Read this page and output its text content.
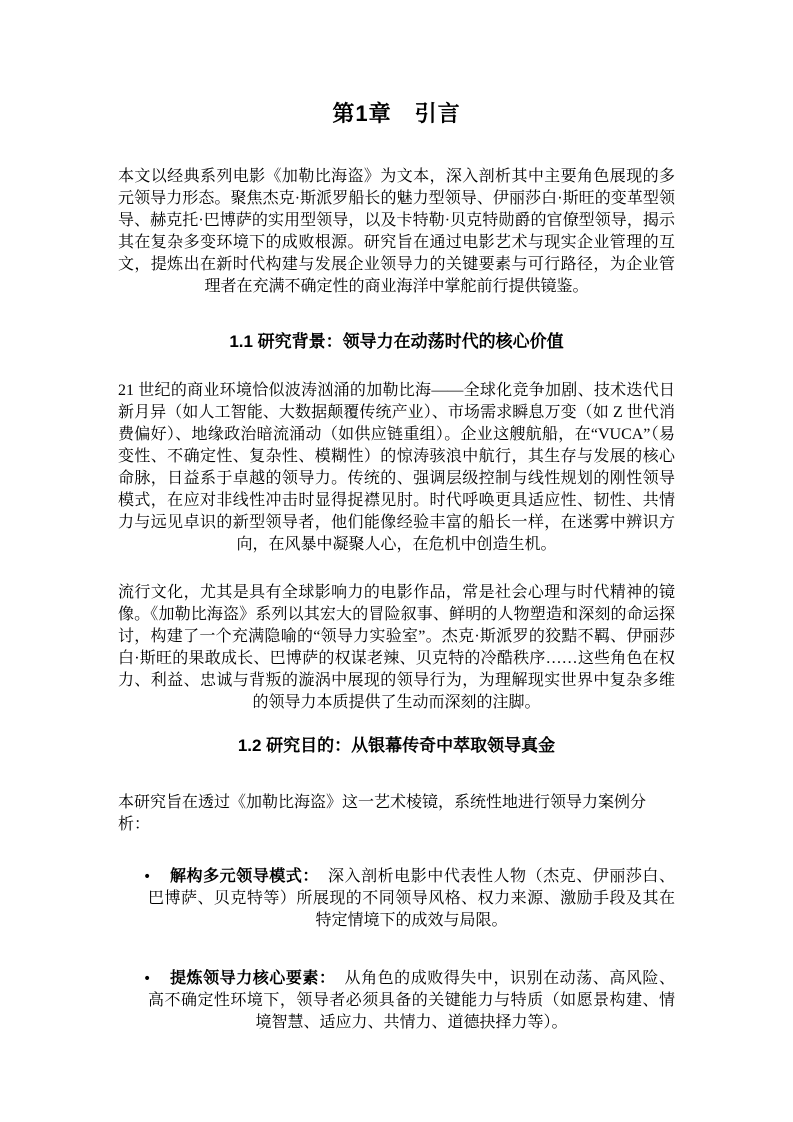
第1章　引言

本文以经典系列电影《加勒比海盗》为文本，深入剖析其中主要角色展现的多元领导力形态。聚焦杰克·斯派罗船长的魅力型领导、伊丽莎白·斯旺的变革型领导、赫克托·巴博萨的实用型领导，以及卡特勒·贝克特勋爵的官僚型领导，揭示其在复杂多变环境下的成败根源。研究旨在通过电影艺术与现实企业管理的互文，提炼出在新时代构建与发展企业领导力的关键要素与可行路径，为企业管理者在充满不确定性的商业海洋中掌舵前行提供镜鉴。

1.1 研究背景：领导力在动荡时代的核心价值

21 世纪的商业环境恰似波涛汹涌的加勒比海——全球化竞争加剧、技术迭代日新月异（如人工智能、大数据颠覆传统产业）、市场需求瞬息万变（如 Z 世代消费偏好）、地缘政治暗流涌动（如供应链重组）。企业这艘航船，在“VUCA”（易变性、不确定性、复杂性、模糊性）的惊涛骇浪中航行，其生存与发展的核心命脉，日益系于卓越的领导力。传统的、强调层级控制与线性规划的刚性领导模式，在应对非线性冲击时显得捉襟见肘。时代呼唤更具适应性、韧性、共情力与远见卓识的新型领导者，他们能像经验丰富的船长一样，在迷雾中辨识方向，在风暴中凝聚人心，在危机中创造生机。

流行文化，尤其是具有全球影响力的电影作品，常是社会心理与时代精神的镜像。《加勒比海盗》系列以其宏大的冒险叙事、鲜明的人物塑造和深刻的命运探讨，构建了一个充满隐喻的“领导力实验室”。杰克·斯派罗的狡黠不羁、伊丽莎白·斯旺的果敢成长、巴博萨的权谋老辣、贝克特的冷酷秩序……这些角色在权力、利益、忠诚与背叛的漩涡中展现的领导行为，为理解现实世界中复杂多维的领导力本质提供了生动而深刻的注脚。

1.2 研究目的：从银幕传奇中萃取领导真金

本研究旨在透过《加勒比海盗》这一艺术棱镜，系统性地进行领导力案例分析：

• 解构多元领导模式： 深入剖析电影中代表性人物（杰克、伊丽莎白、巴博萨、贝克特等）所展现的不同领导风格、权力来源、激励手段及其在特定情境下的成效与局限。
• 提炼领导力核心要素： 从角色的成败得失中，识别在动荡、高风险、高不确定性环境下，领导者必须具备的关键能力与特质（如愿景构建、情境智慧、适应力、共情力、道德抉择力等）。
